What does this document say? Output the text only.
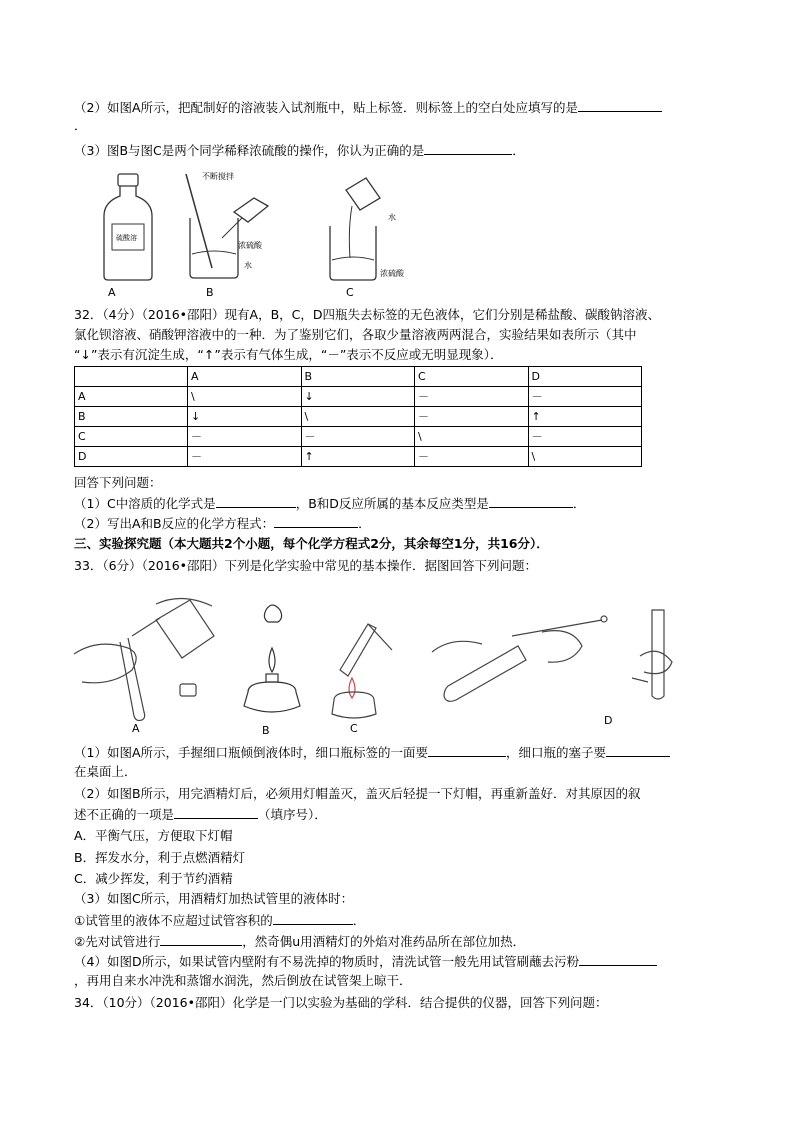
（2）如图A所示，把配制好的溶液装入试剂瓶中，贴上标签．则标签上的空白处应填写的是
．
（3）图B与图C是两个同学稀释浓硫酸的操作，你认为正确的是	．
硫酸溶
不断搅拌
浓硫酸
水
水
浓硫酸
A	B	C
32．（4分）（2016•邵阳）现有A，B，C，D四瓶失去标签的无色液体，它们分别是稀盐酸、碳酸钠溶液、
氯化钡溶液、硝酸钾溶液中的一种．为了鉴别它们，各取少量溶液两两混合，实验结果如表所示（其中
“↓”表示有沉淀生成，“↑”表示有气体生成，“－”表示不反应或无明显现象）．
	A	B	C	D
A	\	↓	－	－
B	↓	\	－	↑
C	－	－	\	－
D	－	↑	－	\
回答下列问题：
（1）C中溶质的化学式是	，B和D反应所属的基本反应类型是	．
（2）写出A和B反应的化学方程式：	．
三、实验探究题（本大题共2个小题，每个化学方程式2分，其余每空1分，共16分）．
33．（6分）（2016•邵阳）下列是化学实验中常见的基本操作．据图回答下列问题：
A	B	C
D
（1）如图A所示，手握细口瓶倾倒液体时，细口瓶标签的一面要	，细口瓶的塞子要
在桌面上．
（2）如图B所示，用完酒精灯后，必须用灯帽盖灭，盖灭后轻提一下灯帽，再重新盖好．对其原因的叙
述不正确的一项是	（填序号）．
A．平衡气压，方便取下灯帽
B．挥发水分，利于点燃酒精灯
C．减少挥发，利于节约酒精
（3）如图C所示，用酒精灯加热试管里的液体时：
①试管里的液体不应超过试管容积的	．
②先对试管进行	，然奇偶u用酒精灯的外焰对准药品所在部位加热．
（4）如图D所示，如果试管内壁附有不易洗掉的物质时，清洗试管一般先用试管刷蘸去污粉
，再用自来水冲洗和蒸馏水润洗，然后倒放在试管架上晾干．
34．（10分）（2016•邵阳）化学是一门以实验为基础的学科．结合提供的仪器，回答下列问题：
